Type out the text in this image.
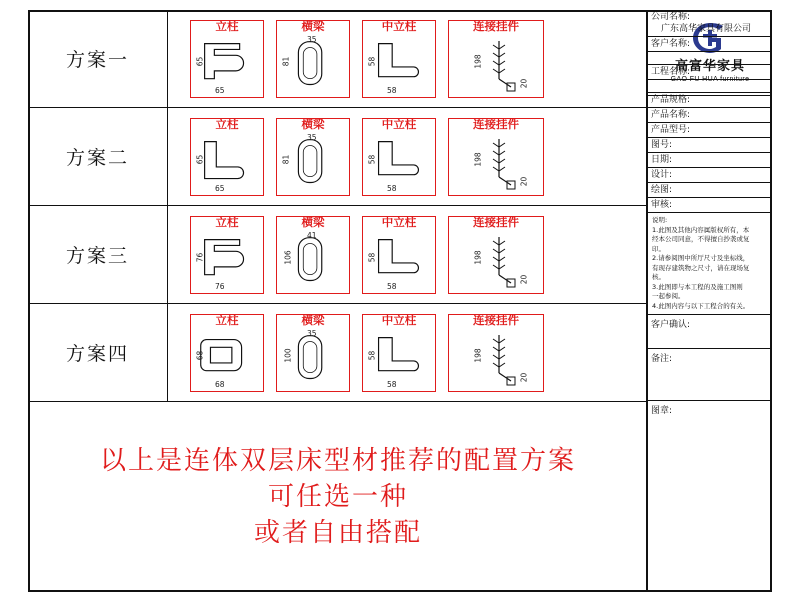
方案一
立柱
65
65
横梁
81
35
中立柱
58
58
连接挂件
198
20
方案二
立柱
65
65
横梁
81
35
中立柱
58
58
连接挂件
198
20
方案三
立柱
76
76
横梁
106
41
中立柱
58
58
连接挂件
198
20
方案四
立柱
68
68
横梁
100
35
中立柱
58
58
连接挂件
198
20
以上是连体双层床型材推荐的配置方案
可任选一种
或者自由搭配
高富华家具
GAO FU HUA furniture
公司名称:
广东高华家具有限公司
客户名称:
工程名称:
产品规格:
产品名称:
产品型号:
图号:
日期:
设计:
绘图:
审核:
说明:
1.此图及其他内容属版权所有，本
经本公司同意，不得擅自抄袭或复
印。
2.请参阅图中所厅尺寸及坐标线，
有现存建筑物之尺寸，请在现场复
核。
3.此图即与本工程的及施工图则
一起参阅。
4.此图内容与以下工程合的有关。
客户确认:
备注:
图章:
